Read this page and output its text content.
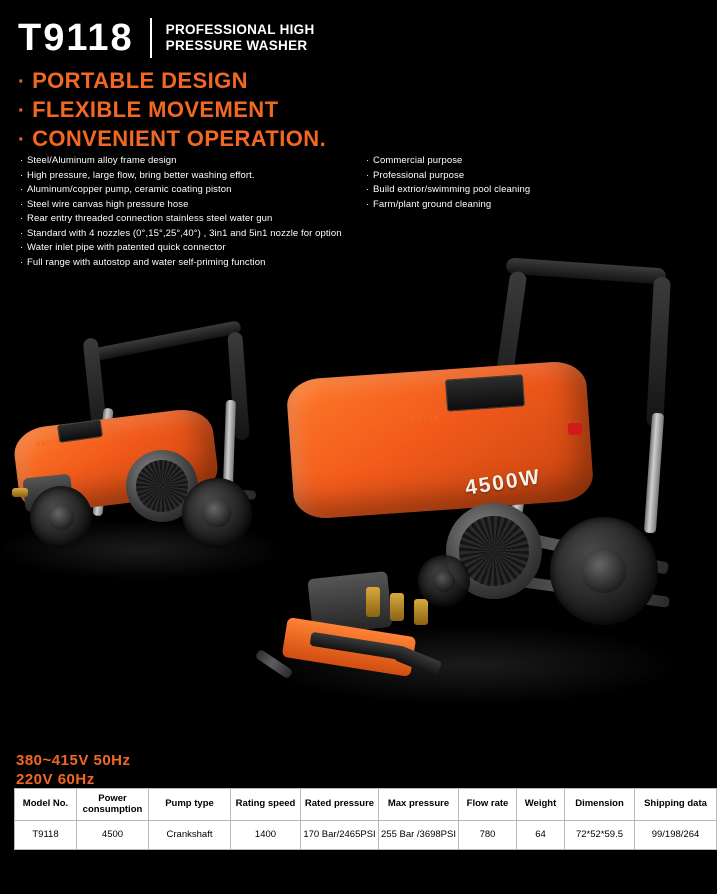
T9118 PROFESSIONAL HIGH PRESSURE WASHER
· PORTABLE DESIGN
· FLEXIBLE MOVEMENT
· CONVENIENT OPERATION.
· Steel/Aluminum alloy frame design
· High pressure, large flow, bring better washing effort.
· Aluminum/copper pump, ceramic coating piston
· Steel wire canvas high pressure hose
· Rear entry threaded connection stainless steel water gun
· Standard with 4 nozzles (0°,15°,25°,40°) , 3in1 and 5in1 nozzle for option
· Water inlet pipe with patented quick connector
· Full range with autostop and water self-priming function
· Commercial purpose
· Professional purpose
· Build extrior/swimming pool cleaning
· Farm/plant ground cleaning
T9118
T9118
4500W
380~415V 50Hz
220V 60Hz
Model No.	Power consumption	Pump type	Rating speed	Rated pressure	Max pressure	Flow rate	Weight	Dimension	Shipping data
T9118	4500	Crankshaft	1400	170 Bar/2465PSI	255 Bar /3698PSI	780	64	72*52*59.5	99/198/264
